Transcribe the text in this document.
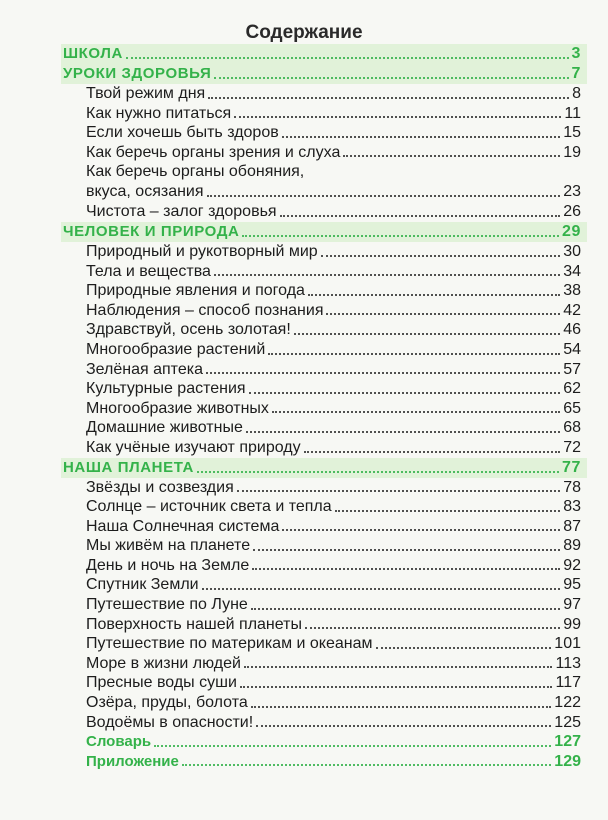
Содержание
ШКОЛА	3
УРОКИ ЗДОРОВЬЯ	7
Твой режим дня	8
Как нужно питаться	11
Если хочешь быть здоров	15
Как беречь органы зрения и слуха	19
Как беречь органы обоняния,
вкуса, осязания	23
Чистота – залог здоровья	26
ЧЕЛОВЕК И ПРИРОДА	29
Природный и рукотворный мир	30
Тела и вещества	34
Природные явления и погода	38
Наблюдения – способ познания	42
Здравствуй, осень золотая!	46
Многообразие растений	54
Зелёная аптека	57
Культурные растения	62
Многообразие животных	65
Домашние животные	68
Как учёные изучают природу	72
НАША ПЛАНЕТА	77
Звёзды и созвездия	78
Солнце – источник света и тепла	83
Наша Солнечная система	87
Мы живём на планете	89
День и ночь на Земле	92
Спутник Земли	95
Путешествие по Луне	97
Поверхность нашей планеты	99
Путешествие по материкам и океанам	101
Море в жизни людей	113
Пресные воды суши	117
Озёра, пруды, болота	122
Водоёмы в опасности!	125
Словарь	127
Приложение	129
